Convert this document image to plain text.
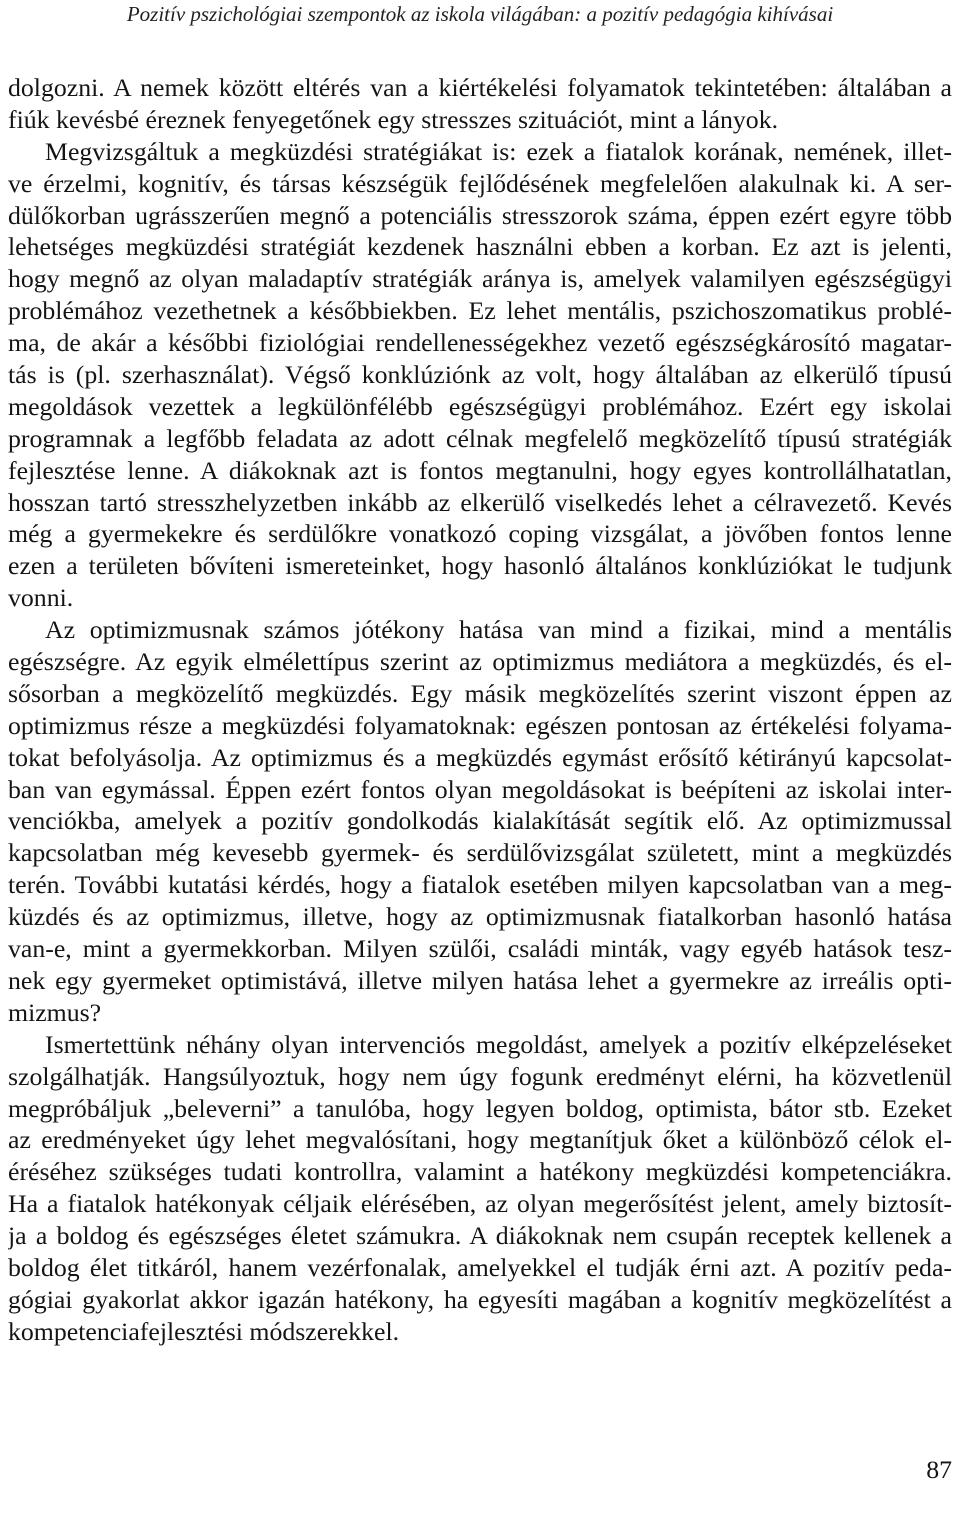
Pozitív pszichológiai szempontok az iskola világában: a pozitív pedagógia kihívásai
dolgozni. A nemek között eltérés van a kiértékelési folyamatok tekintetében: általában a
fiúk kevésbé éreznek fenyegetőnek egy stresszes szituációt, mint a lányok.
Megvizsgáltuk a megküzdési stratégiákat is: ezek a fiatalok korának, nemének, illet-
ve érzelmi, kognitív, és társas készségük fejlődésének megfelelően alakulnak ki. A ser-
dülőkorban ugrásszerűen megnő a potenciális stresszorok száma, éppen ezért egyre több
lehetséges megküzdési stratégiát kezdenek használni ebben a korban. Ez azt is jelenti,
hogy megnő az olyan maladaptív stratégiák aránya is, amelyek valamilyen egészségügyi
problémához vezethetnek a későbbiekben. Ez lehet mentális, pszichoszomatikus problé-
ma, de akár a későbbi fiziológiai rendellenességekhez vezető egészségkárosító magatar-
tás is (pl. szerhasználat). Végső konklúziónk az volt, hogy általában az elkerülő típusú
megoldások vezettek a legkülönfélébb egészségügyi problémához. Ezért egy iskolai
programnak a legfőbb feladata az adott célnak megfelelő megközelítő típusú stratégiák
fejlesztése lenne. A diákoknak azt is fontos megtanulni, hogy egyes kontrollálhatatlan,
hosszan tartó stresszhelyzetben inkább az elkerülő viselkedés lehet a célravezető. Kevés
még a gyermekekre és serdülőkre vonatkozó coping vizsgálat, a jövőben fontos lenne
ezen a területen bővíteni ismereteinket, hogy hasonló általános konklúziókat le tudjunk
vonni.
Az optimizmusnak számos jótékony hatása van mind a fizikai, mind a mentális
egészségre. Az egyik elmélettípus szerint az optimizmus mediátora a megküzdés, és el-
sősorban a megközelítő megküzdés. Egy másik megközelítés szerint viszont éppen az
optimizmus része a megküzdési folyamatoknak: egészen pontosan az értékelési folyama-
tokat befolyásolja. Az optimizmus és a megküzdés egymást erősítő kétirányú kapcsolat-
ban van egymással. Éppen ezért fontos olyan megoldásokat is beépíteni az iskolai inter-
venciókba, amelyek a pozitív gondolkodás kialakítását segítik elő. Az optimizmussal
kapcsolatban még kevesebb gyermek- és serdülővizsgálat született, mint a megküzdés
terén. További kutatási kérdés, hogy a fiatalok esetében milyen kapcsolatban van a meg-
küzdés és az optimizmus, illetve, hogy az optimizmusnak fiatalkorban hasonló hatása
van-e, mint a gyermekkorban. Milyen szülői, családi minták, vagy egyéb hatások tesz-
nek egy gyermeket optimistává, illetve milyen hatása lehet a gyermekre az irreális opti-
mizmus?
Ismertettünk néhány olyan intervenciós megoldást, amelyek a pozitív elképzeléseket
szolgálhatják. Hangsúlyoztuk, hogy nem úgy fogunk eredményt elérni, ha közvetlenül
megpróbáljuk „beleverni” a tanulóba, hogy legyen boldog, optimista, bátor stb. Ezeket
az eredményeket úgy lehet megvalósítani, hogy megtanítjuk őket a különböző célok el-
éréséhez szükséges tudati kontrollra, valamint a hatékony megküzdési kompetenciákra.
Ha a fiatalok hatékonyak céljaik elérésében, az olyan megerősítést jelent, amely biztosít-
ja a boldog és egészséges életet számukra. A diákoknak nem csupán receptek kellenek a
boldog élet titkáról, hanem vezérfonalak, amelyekkel el tudják érni azt. A pozitív peda-
gógiai gyakorlat akkor igazán hatékony, ha egyesíti magában a kognitív megközelítést a
kompetenciafejlesztési módszerekkel.
87
